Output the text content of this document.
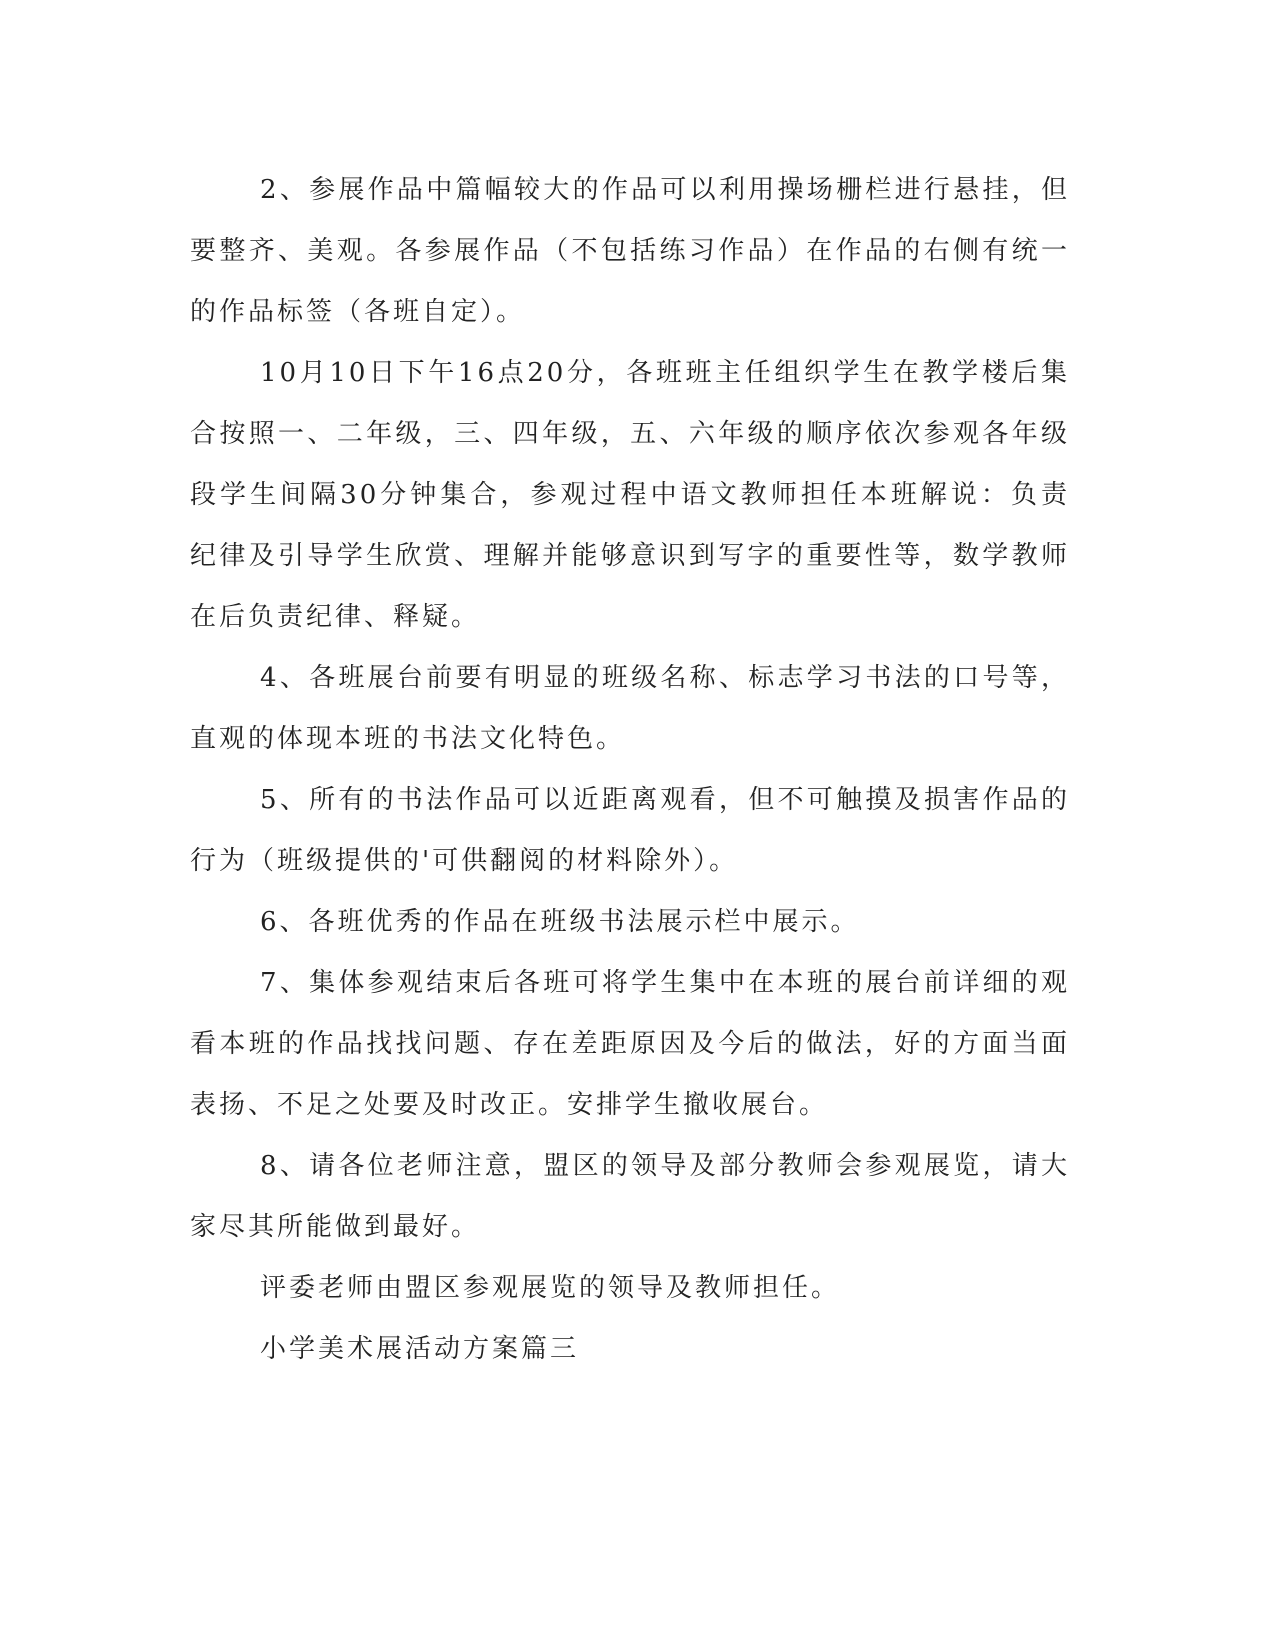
2、参展作品中篇幅较大的作品可以利用操场栅栏进行悬挂，但要整齐、美观。各参展作品（不包括练习作品）在作品的右侧有统一的作品标签（各班自定）。

10月10日下午16点20分，各班班主任组织学生在教学楼后集合按照一、二年级，三、四年级，五、六年级的顺序依次参观各年级段学生间隔30分钟集合，参观过程中语文教师担任本班解说：负责纪律及引导学生欣赏、理解并能够意识到写字的重要性等，数学教师在后负责纪律、释疑。

4、各班展台前要有明显的班级名称、标志学习书法的口号等，直观的体现本班的书法文化特色。

5、所有的书法作品可以近距离观看，但不可触摸及损害作品的行为（班级提供的'可供翻阅的材料除外）。

6、各班优秀的作品在班级书法展示栏中展示。

7、集体参观结束后各班可将学生集中在本班的展台前详细的观看本班的作品找找问题、存在差距原因及今后的做法，好的方面当面表扬、不足之处要及时改正。安排学生撤收展台。

8、请各位老师注意，盟区的领导及部分教师会参观展览，请大家尽其所能做到最好。

评委老师由盟区参观展览的领导及教师担任。

小学美术展活动方案篇三
